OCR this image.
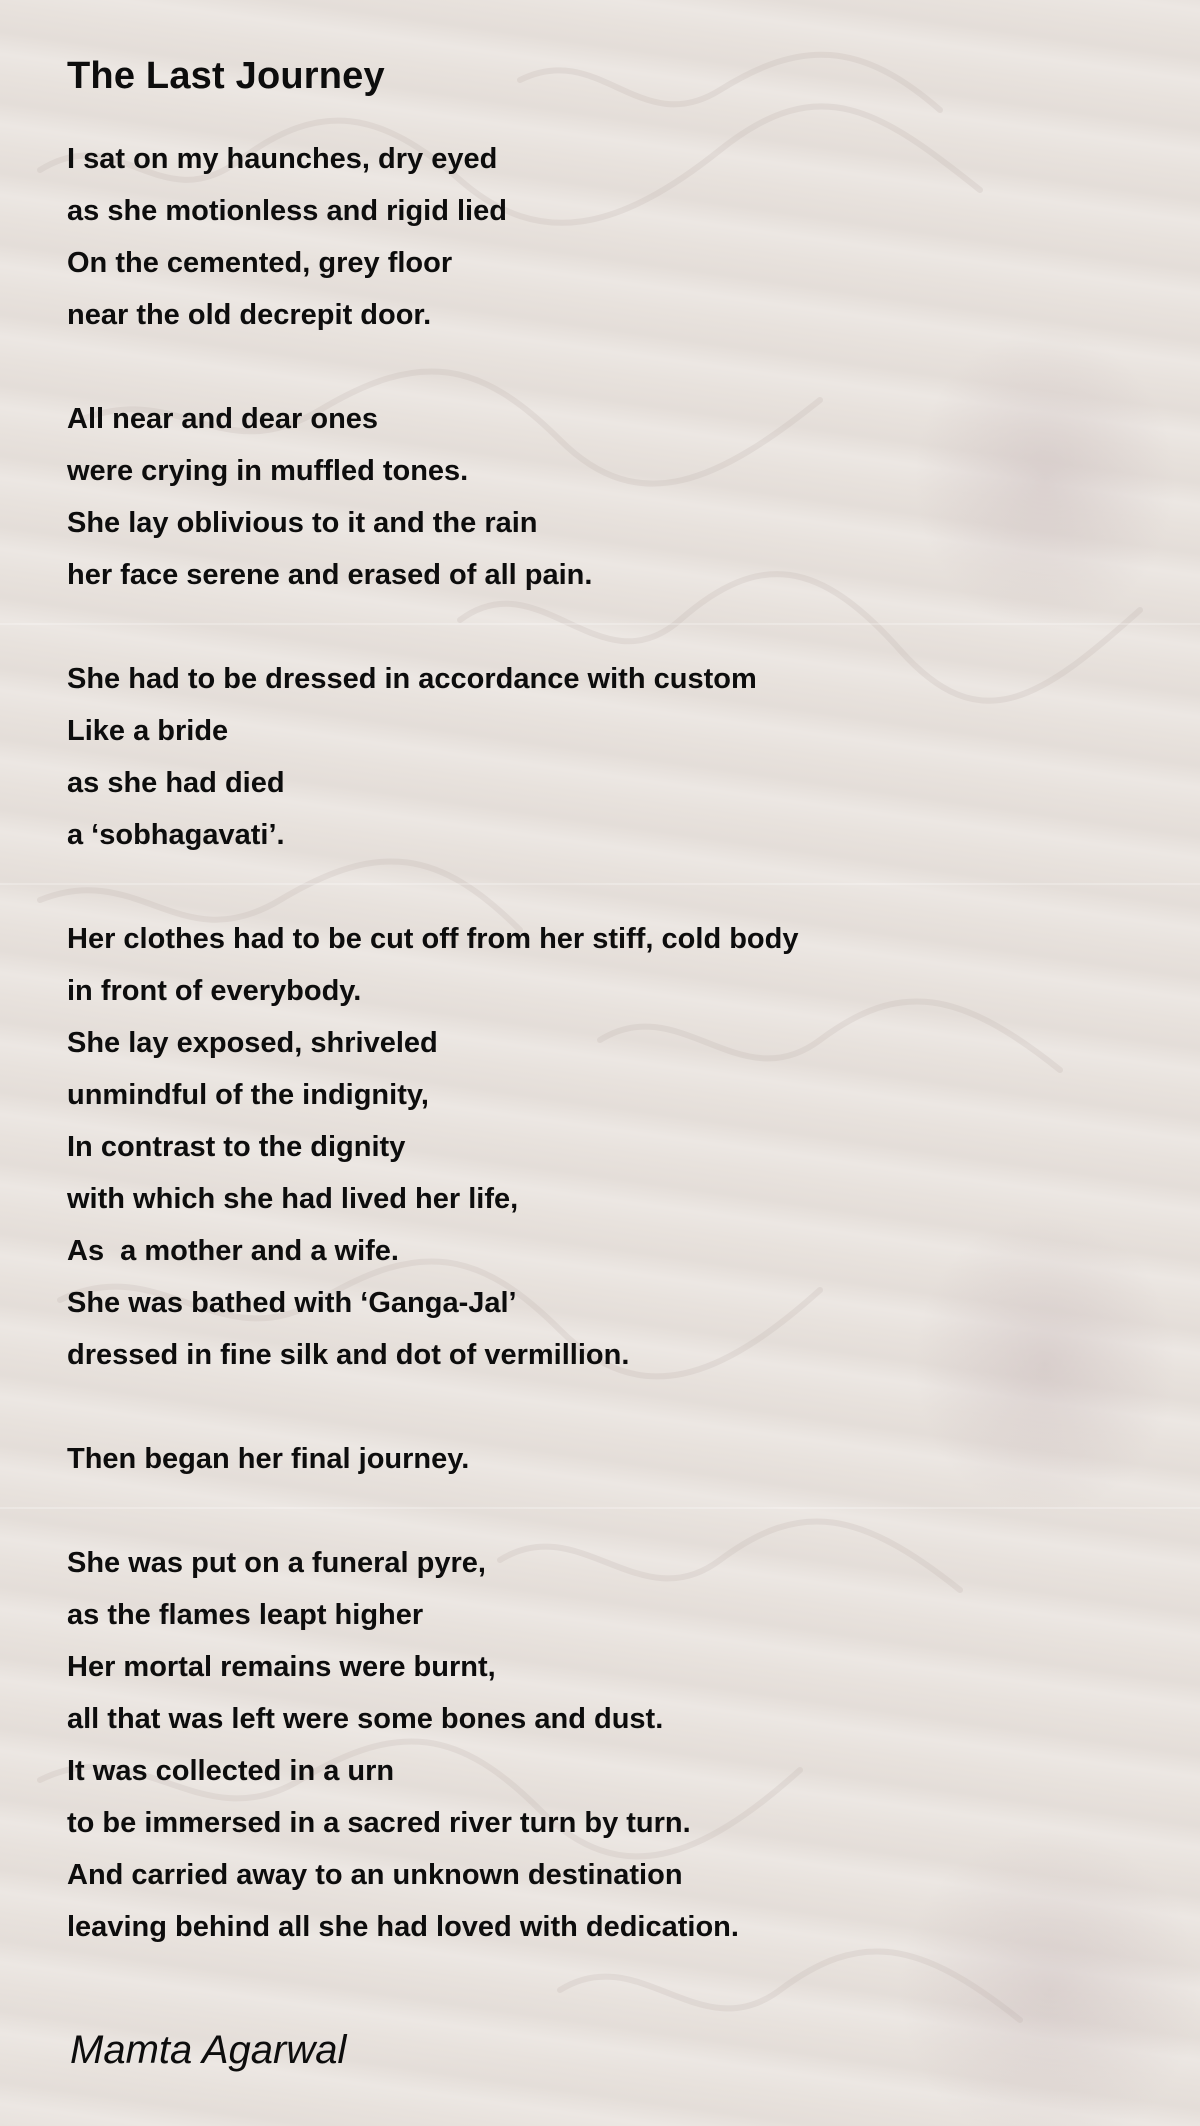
The Last Journey
I sat on my haunches, dry eyed
as she motionless and rigid lied
On the cemented, grey floor
near the old decrepit door.
All near and dear ones
were crying in muffled tones.
She lay oblivious to it and the rain
her face serene and erased of all pain.
She had to be dressed in accordance with custom
Like a bride
as she had died
a ‘sobhagavati’.
Her clothes had to be cut off from her stiff, cold body
in front of everybody.
She lay exposed, shriveled
unmindful of the indignity,
In contrast to the dignity
with which she had lived her life,
As  a mother and a wife.
She was bathed with ‘Ganga-Jal’
dressed in fine silk and dot of vermillion.
Then began her final journey.
She was put on a funeral pyre,
as the flames leapt higher
Her mortal remains were burnt,
all that was left were some bones and dust.
It was collected in a urn
to be immersed in a sacred river turn by turn.
And carried away to an unknown destination
leaving behind all she had loved with dedication.
Mamta Agarwal
